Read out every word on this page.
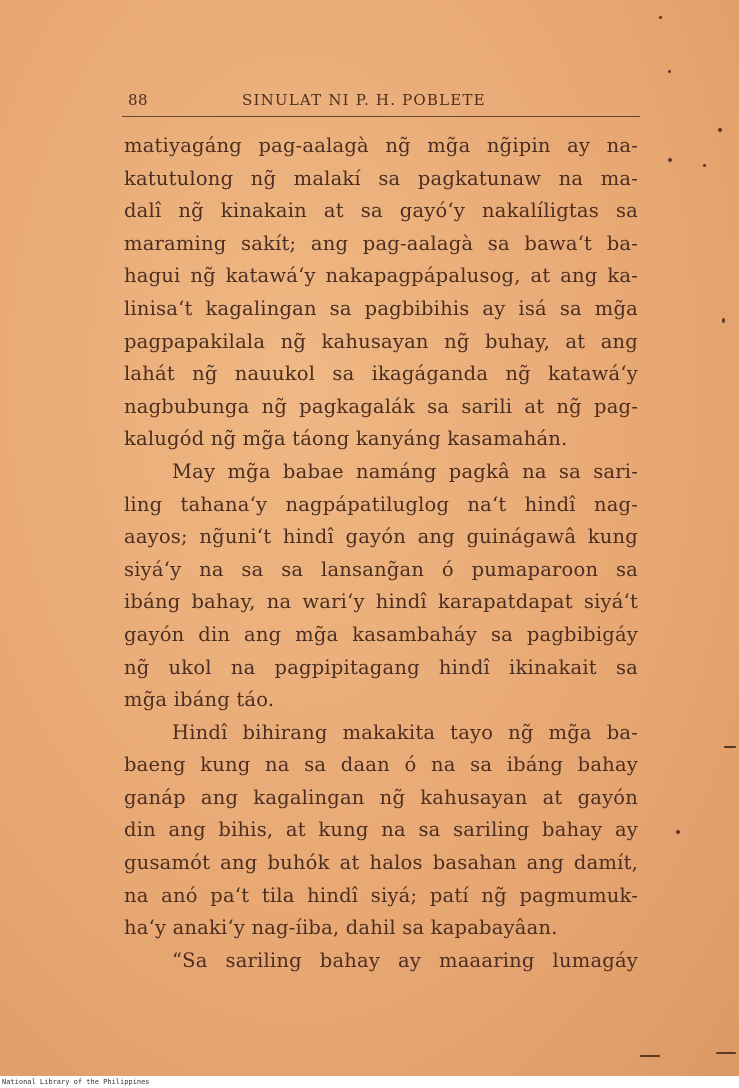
88	SINULAT NI P. H. POBLETE
matiyagáng pag-aalagà ng̃ mg̃a ng̃ipin ay na-
katutulong ng̃ malakí sa pagkatunaw na ma-
dalî ng̃ kinakain at sa gayó‘y nakalíligtas sa
maraming sakít; ang pag-aalagà sa bawa‘t ba-
hagui ng̃ katawá‘y nakapagpápalusog, at ang ka-
linisa‘t kagalingan sa pagbibihis ay isá sa mg̃a
pagpapakilala ng̃ kahusayan ng̃ buhay, at ang
lahát ng̃ nauukol sa ikagáganda ng̃ katawá‘y
nagbubunga ng̃ pagkagalák sa sarili at ng̃ pag-
kalugód ng̃ mg̃a táong kanyáng kasamahán.
May mg̃a babae namáng pagkâ na sa sari-
ling tahana‘y nagpápatiluglog na‘t hindî nag-
aayos; ng̃uni‘t hindî gayón ang guinágawâ kung
siyá‘y na sa sa lansang̃an ó pumaparoon sa
ibáng bahay, na wari‘y hindî karapatdapat siyá‘t
gayón din ang mg̃a kasambaháy sa pagbibigáy
ng̃ ukol na pagpipitagang hindî ikinakait sa
mg̃a ibáng táo.
Hindî bihirang makakita tayo ng̃ mg̃a ba-
baeng kung na sa daan ó na sa ibáng bahay
ganáp ang kagalingan ng̃ kahusayan at gayón
din ang bihis, at kung na sa sariling bahay ay
gusamót ang buhók at halos basahan ang damít,
na anó pa‘t tila hindî siyá; patí ng̃ pagmumuk-
ha‘y anaki‘y nag-íiba, dahil sa kapabayâan.
“Sa sariling bahay ay maaaring lumagáy
National Library of the Philippines
